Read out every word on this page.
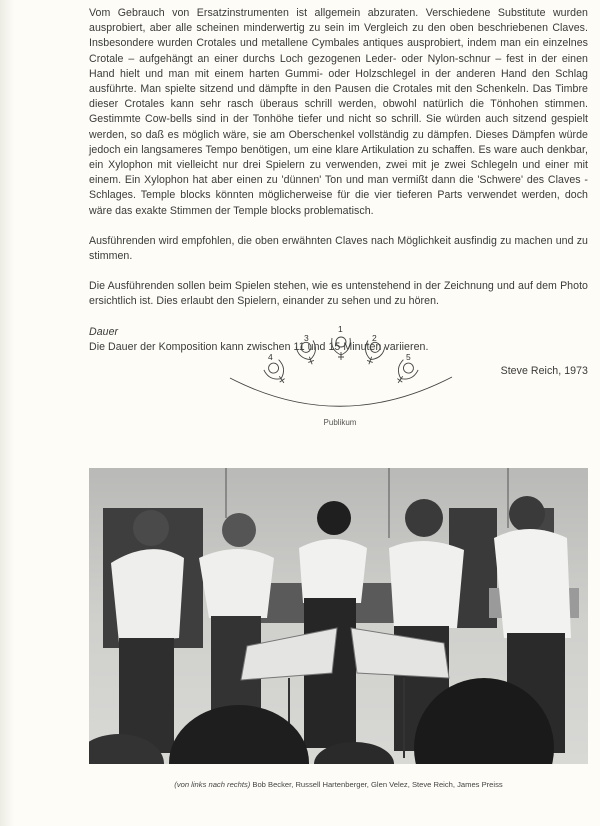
Vom Gebrauch von Ersatzinstrumenten ist allgemein abzuraten. Verschiedene Substitute wurden ausprobiert, aber alle scheinen minderwertig zu sein im Vergleich zu den oben beschriebenen Claves. Insbesondere wurden Crotales und metallene Cymbales antiques ausprobiert, indem man ein einzelnes Crotale – aufgehängt an einer durchs Loch gezogenen Leder- oder Nylon-schnur – fest in der einen Hand hielt und man mit einem harten Gummi- oder Holzschlegel in der anderen Hand den Schlag ausführte. Man spielte sitzend und dämpfte in den Pausen die Crotales mit den Schenkeln. Das Timbre dieser Crotales kann sehr rasch überaus schrill werden, obwohl natürlich die Tönhohen stimmen. Gestimmte Cow-bells sind in der Tonhöhe tiefer und nicht so schrill. Sie würden auch sitzend gespielt werden, so daß es möglich wäre, sie am Oberschenkel vollständig zu dämpfen. Dieses Dämpfen würde jedoch ein langsameres Tempo benötigen, um eine klare Artikulation zu schaffen. Es ware auch denkbar, ein Xylophon mit vielleicht nur drei Spielern zu verwenden, zwei mit je zwei Schlegeln und einer mit einem. Ein Xylophon hat aber einen zu 'dünnen' Ton und man vermißt dann die 'Schwere' des Claves - Schlages. Temple blocks könnten möglicherweise für die vier tieferen Parts verwendet werden, doch wäre das exakte Stimmen der Temple blocks problematisch.

Ausführenden wird empfohlen, die oben erwähnten Claves nach Möglichkeit ausfindig zu machen und zu stimmen.

Die Ausführenden sollen beim Spielen stehen, wie es untenstehend in der Zeichnung und auf dem Photo ersichtlich ist. Dies erlaubt den Spielern, einander zu sehen und zu hören.

Dauer

Die Dauer der Komposition kann zwischen 11 und 15 Minuten variieren.

Steve Reich, 1973
4
3
1
2
5
Publikum
(von links nach rechts) Bob Becker, Russell Hartenberger, Glen Velez, Steve Reich, James Preiss
